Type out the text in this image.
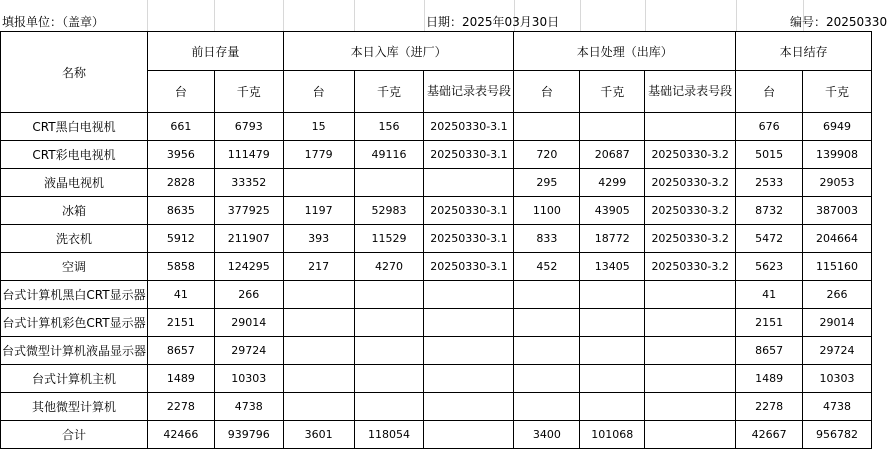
填报单位：（盖章）	日期：2025年03月30日	编号：20250330
名称	前日存量		本日入库（进厂）			本日处理（出库）			本日结存	
	台	千克	台	千克	基础记录表号段	台	千克	基础记录表号段	台	千克
CRT黑白电视机	661	6793	15	156	20250330-3.1				676	6949
CRT彩电电视机	3956	111479	1779	49116	20250330-3.1	720	20687	20250330-3.2	5015	139908
液晶电视机	2828	33352				295	4299	20250330-3.2	2533	29053
冰箱	8635	377925	1197	52983	20250330-3.1	1100	43905	20250330-3.2	8732	387003
洗衣机	5912	211907	393	11529	20250330-3.1	833	18772	20250330-3.2	5472	204664
空调	5858	124295	217	4270	20250330-3.1	452	13405	20250330-3.2	5623	115160
台式计算机黑白CRT显示器	41	266							41	266
台式计算机彩色CRT显示器	2151	29014							2151	29014
台式微型计算机液晶显示器	8657	29724							8657	29724
台式计算机主机	1489	10303							1489	10303
其他微型计算机	2278	4738							2278	4738
合计	42466	939796	3601	118054		3400	101068		42667	956782
